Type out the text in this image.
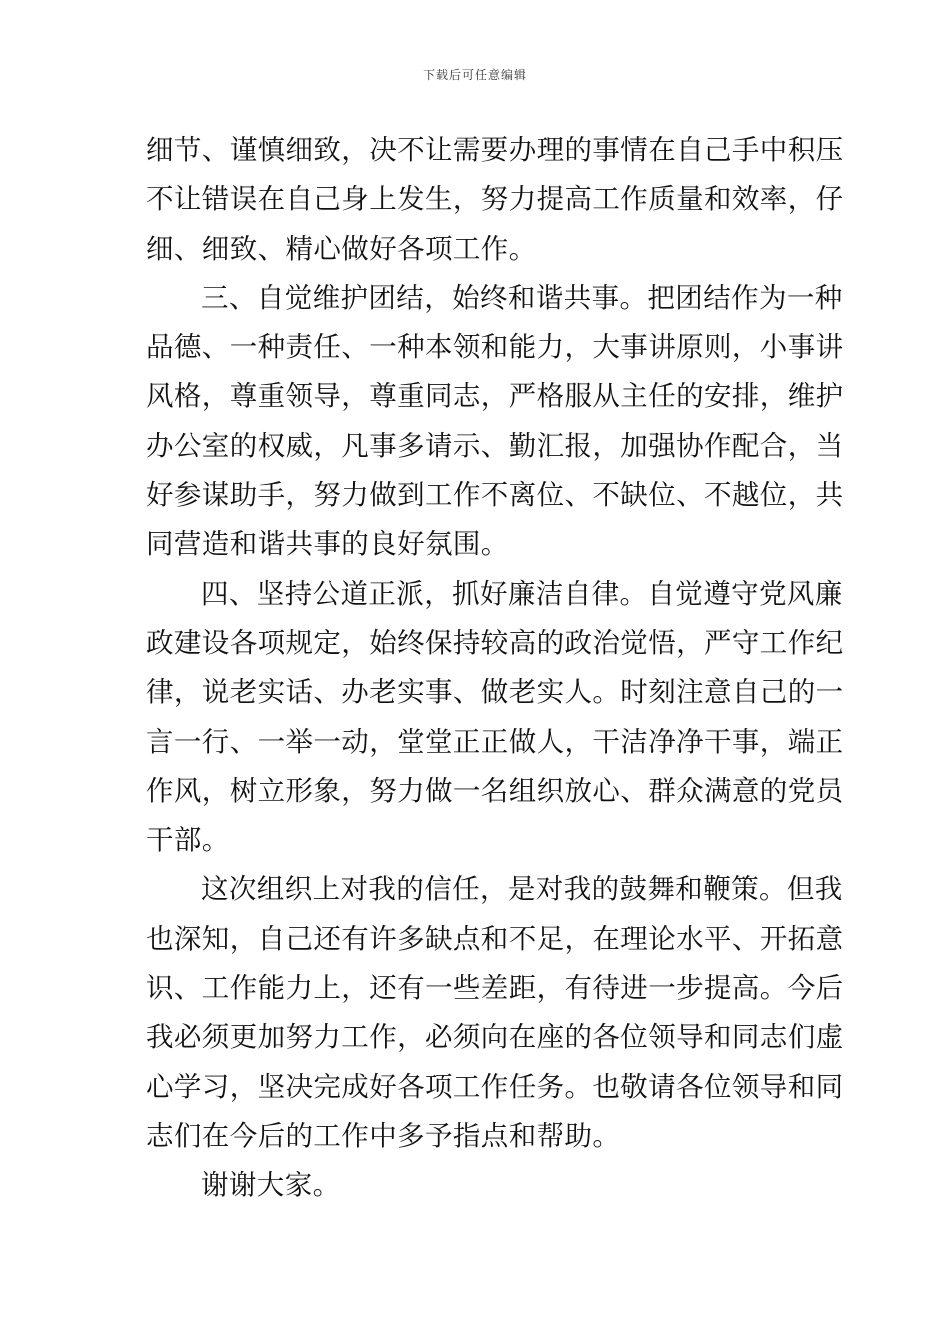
下载后可任意编辑
细节、谨慎细致，决不让需要办理的事情在自己手中积压
不让错误在自己身上发生，努力提高工作质量和效率，仔
细、细致、精心做好各项工作。
三、自觉维护团结，始终和谐共事。把团结作为一种
品德、一种责任、一种本领和能力，大事讲原则，小事讲
风格，尊重领导，尊重同志，严格服从主任的安排，维护
办公室的权威，凡事多请示、勤汇报，加强协作配合，当
好参谋助手，努力做到工作不离位、不缺位、不越位，共
同营造和谐共事的良好氛围。
四、坚持公道正派，抓好廉洁自律。自觉遵守党风廉
政建设各项规定，始终保持较高的政治觉悟，严守工作纪
律，说老实话、办老实事、做老实人。时刻注意自己的一
言一行、一举一动，堂堂正正做人，干洁净净干事，端正
作风，树立形象，努力做一名组织放心、群众满意的党员
干部。
这次组织上对我的信任，是对我的鼓舞和鞭策。但我
也深知，自己还有许多缺点和不足，在理论水平、开拓意
识、工作能力上，还有一些差距，有待进一步提高。今后
我必须更加努力工作，必须向在座的各位领导和同志们虚
心学习，坚决完成好各项工作任务。也敬请各位领导和同
志们在今后的工作中多予指点和帮助。
谢谢大家。
